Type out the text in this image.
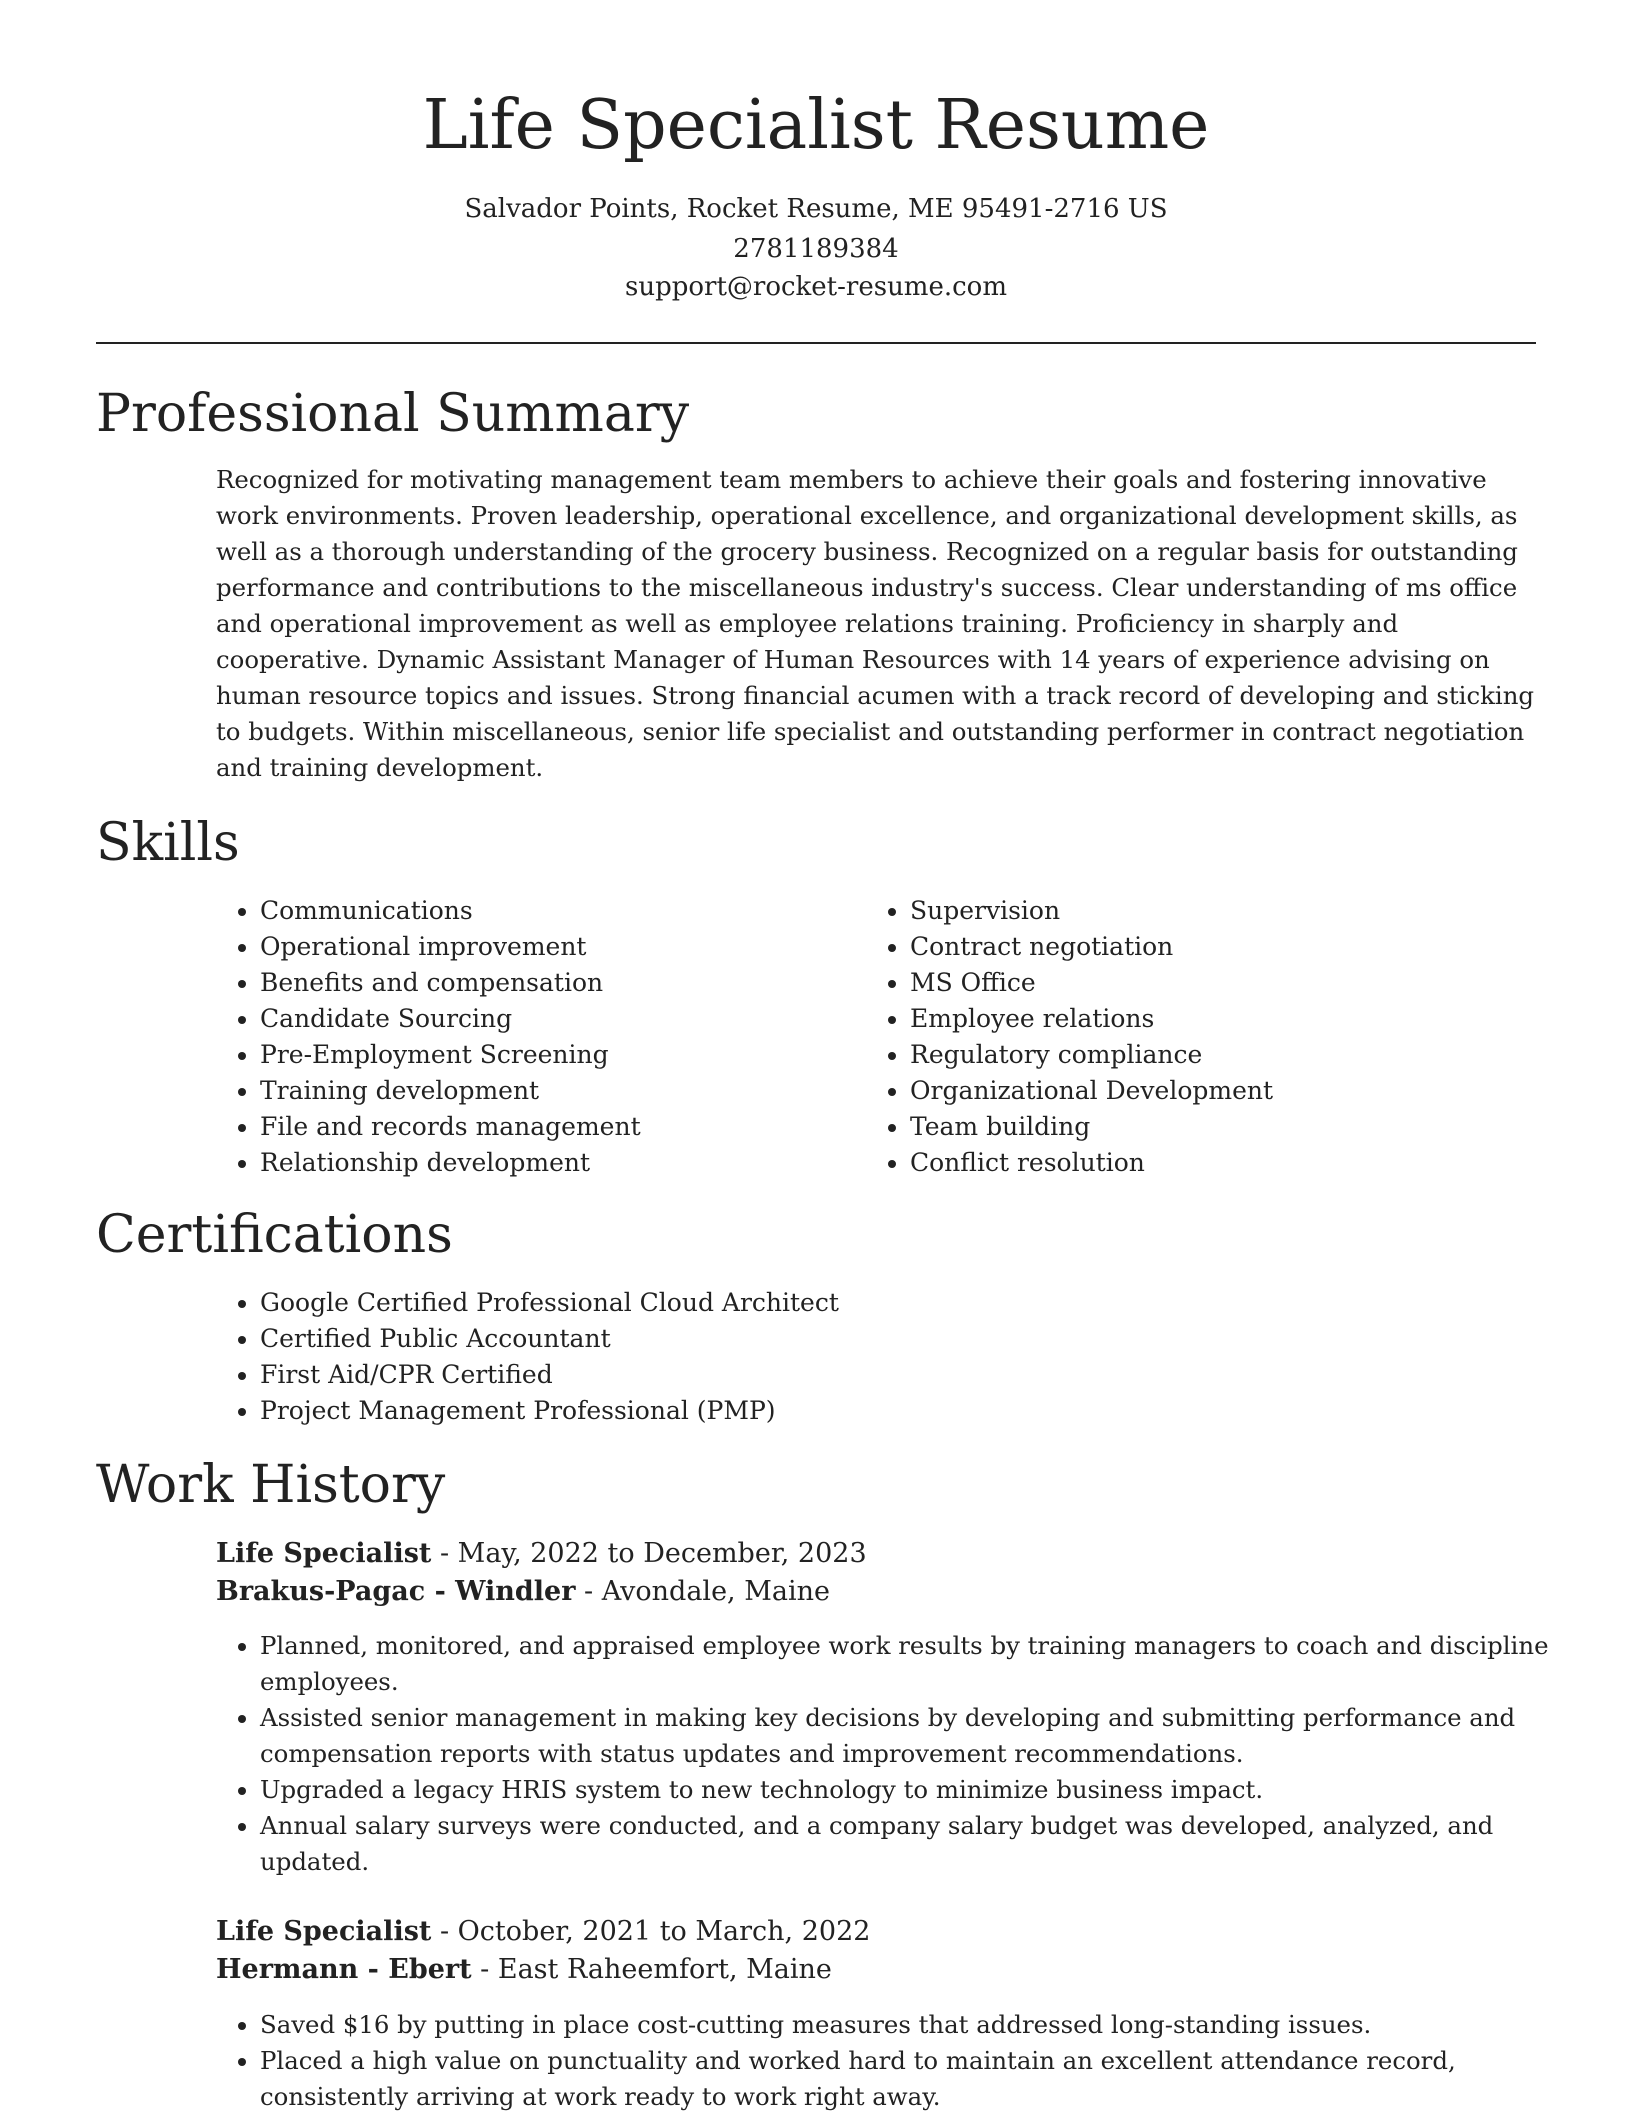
Life Specialist Resume
Salvador Points, Rocket Resume, ME 95491-2716 US
2781189384
support@rocket-resume.com
Professional Summary

Recognized for motivating management team members to achieve their goals and fostering innovative work environments. Proven leadership, operational excellence, and organizational development skills, as well as a thorough understanding of the grocery business. Recognized on a regular basis for outstanding performance and contributions to the miscellaneous industry's success. Clear understanding of ms office and operational improvement as well as employee relations training. Proficiency in sharply and cooperative. Dynamic Assistant Manager of Human Resources with 14 years of experience advising on human resource topics and issues. Strong financial acumen with a track record of developing and sticking to budgets. Within miscellaneous, senior life specialist and outstanding performer in contract negotiation and training development.

Skills
• Communications
• Operational improvement
• Benefits and compensation
• Candidate Sourcing
• Pre-Employment Screening
• Training development
• File and records management
• Relationship development
• Supervision
• Contract negotiation
• MS Office
• Employee relations
• Regulatory compliance
• Organizational Development
• Team building
• Conflict resolution
Certifications
• Google Certified Professional Cloud Architect
• Certified Public Accountant
• First Aid/CPR Certified
• Project Management Professional (PMP)
Work History
Life Specialist - May, 2022 to December, 2023
Brakus-Pagac - Windler - Avondale, Maine
• Planned, monitored, and appraised employee work results by training managers to coach and discipline employees.
• Assisted senior management in making key decisions by developing and submitting performance and compensation reports with status updates and improvement recommendations.
• Upgraded a legacy HRIS system to new technology to minimize business impact.
• Annual salary surveys were conducted, and a company salary budget was developed, analyzed, and updated.
Life Specialist - October, 2021 to March, 2022
Hermann - Ebert - East Raheemfort, Maine
• Saved $16 by putting in place cost-cutting measures that addressed long-standing issues.
• Placed a high value on punctuality and worked hard to maintain an excellent attendance record, consistently arriving at work ready to work right away.
